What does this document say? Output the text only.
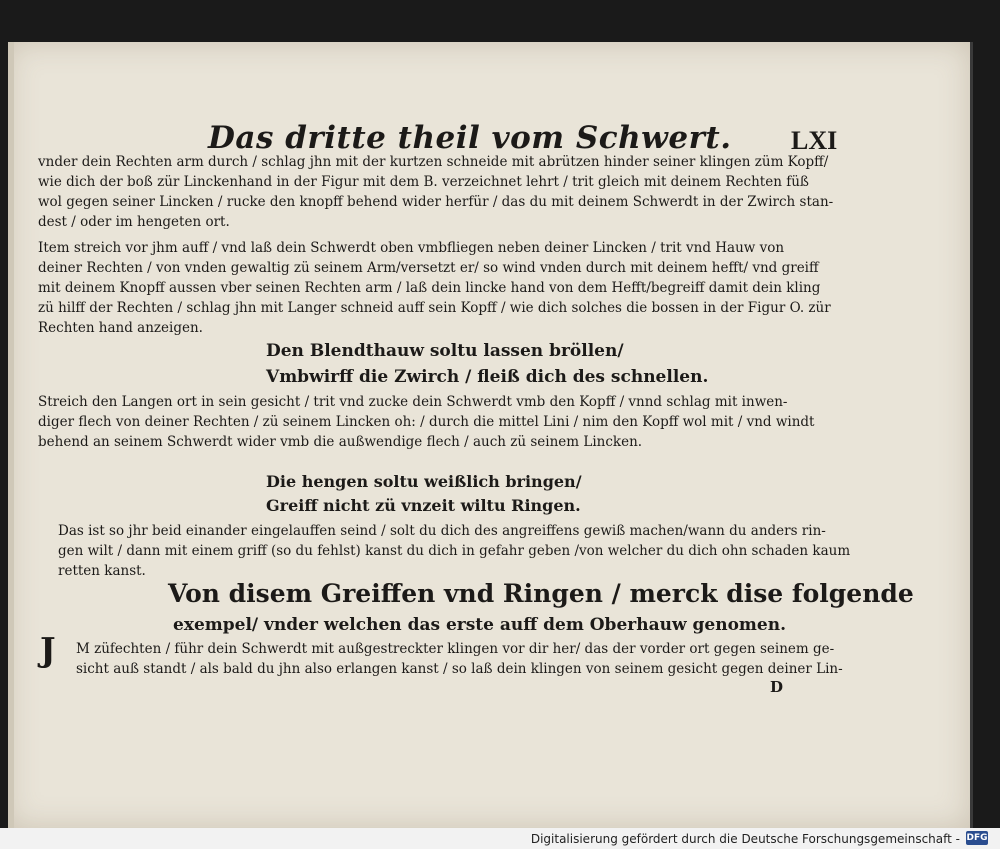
Das dritte theil vom Schwert. LXI
vnder dein Rechten arm durch / schlag jhn mit der kurtzen schneide mit abrützen hinder seiner klingen züm Kopff/
wie dich der boß zür Linckenhand in der Figur mit dem B. verzeichnet lehrt / trit gleich mit deinem Rechten füß
wol gegen seiner Lincken / rucke den knopff behend wider herfür / das du mit deinem Schwerdt in der Zwirch stan-
dest / oder im hengeten ort.
Item streich vor jhm auff / vnd laß dein Schwerdt oben vmbfliegen neben deiner Lincken / trit vnd Hauw von
deiner Rechten / von vnden gewaltig zü seinem Arm/versetzt er/ so wind vnden durch mit deinem hefft/ vnd greiff
mit deinem Knopff aussen vber seinen Rechten arm / laß dein lincke hand von dem Hefft/begreiff damit dein kling
zü hilff der Rechten / schlag jhn mit Langer schneid auff sein Kopff / wie dich solches die bossen in der Figur O. zür
Rechten hand anzeigen.
Den Blendthauw soltu lassen bröllen/
Vmbwirff die Zwirch / fleiß dich des schnellen.
Streich den Langen ort in sein gesicht / trit vnd zucke dein Schwerdt vmb den Kopff / vnnd schlag mit inwen-
diger flech von deiner Rechten / zü seinem Lincken oh: / durch die mittel Lini / nim den Kopff wol mit / vnd windt
behend an seinem Schwerdt wider vmb die außwendige flech / auch zü seinem Lincken.
Die hengen soltu weißlich bringen/
Greiff nicht zü vnzeit wiltu Ringen.
Das ist so jhr beid einander eingelauffen seind / solt du dich des angreiffens gewiß machen/wann du anders rin-
gen wilt / dann mit einem griff (so du fehlst) kanst du dich in gefahr geben /von welcher du dich ohn schaden kaum
retten kanst.
Von disem Greiffen vnd Ringen / merck dise folgende
exempel/ vnder welchen das erste auff dem Oberhauw genomen.
J	M züfechten / führ dein Schwerdt mit außgestreckter klingen vor dir her/ das der vorder ort gegen seinem ge-
sicht auß standt / als bald du jhn also erlangen kanst / so laß dein klingen von seinem gesicht gegen deiner Lin-
D
Digitalisierung gefördert durch die Deutsche Forschungsgemeinschaft - DFG
